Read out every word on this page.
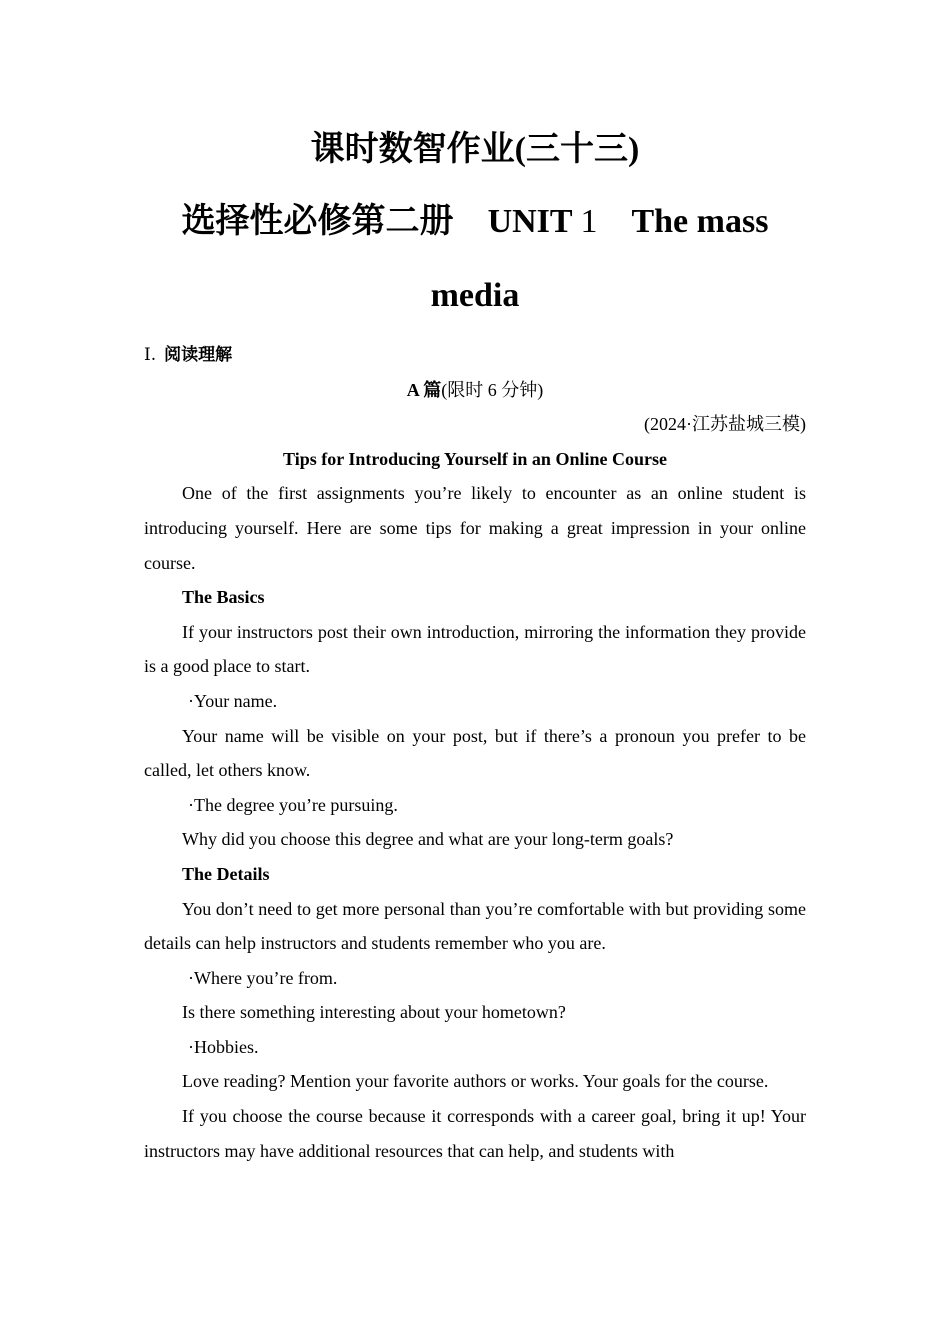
课时数智作业(三十三)
选择性必修第二册 UNIT 1 The mass
media
Ⅰ. 阅读理解
A 篇(限时 6 分钟)
(2024·江苏盐城三模)
Tips for Introducing Yourself in an Online Course
One of the first assignments you’re likely to encounter as an online student is introducing yourself. Here are some tips for making a great impression in your online course.
The Basics
If your instructors post their own introduction, mirroring the information they provide is a good place to start.
·Your name.
Your name will be visible on your post, but if there’s a pronoun you prefer to be called, let others know.
·The degree you’re pursuing.
Why did you choose this degree and what are your long-term goals?
The Details
You don’t need to get more personal than you’re comfortable with but providing some details can help instructors and students remember who you are.
·Where you’re from.
Is there something interesting about your hometown?
·Hobbies.
Love reading? Mention your favorite authors or works. Your goals for the course.
If you choose the course because it corresponds with a career goal, bring it up! Your instructors may have additional resources that can help, and students with
